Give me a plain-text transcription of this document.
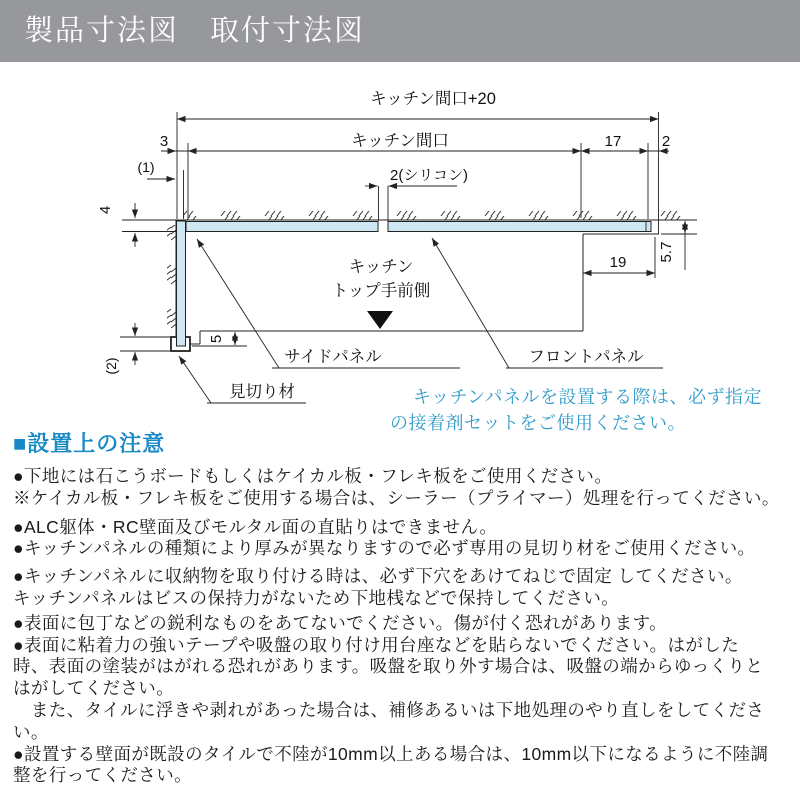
製品寸法図　取付寸法図
キッチン間口+20
キッチン間口
3	17	2
(1)	2(シリコン)
4
(2)
5
5.7
19
キッチン
トップ手前側
サイドパネル	フロントパネル
見切り材	キッチンパネルを設置する際は、必ず指定
の接着剤セットをご使用ください。
■設置上の注意
●下地には石こうボードもしくはケイカル板・フレキ板をご使用ください。
※ケイカル板・フレキ板をご使用する場合は、シーラー（プライマー）処理を行ってください。
●ALC躯体・RC壁面及びモルタル面の直貼りはできません。
●キッチンパネルの種類により厚みが異なりますので必ず専用の見切り材をご使用ください。
●キッチンパネルに収納物を取り付ける時は、必ず下穴をあけてねじで固定 してください。
キッチンパネルはビスの保持力がないため下地桟などで保持してください。
●表面に包丁などの鋭利なものをあてないでください。傷が付く恐れがあります。
●表面に粘着力の強いテープや吸盤の取り付け用台座などを貼らないでください。はがした
時、表面の塗装がはがれる恐れがあります。吸盤を取り外す場合は、吸盤の端からゆっくりと
はがしてください。
　また、タイルに浮きや剥れがあった場合は、補修あるいは下地処理のやり直しをしてくださ
い。
●設置する壁面が既設のタイルで不陸が10mm以上ある場合は、10mm以下になるように不陸調
整を行ってください。
